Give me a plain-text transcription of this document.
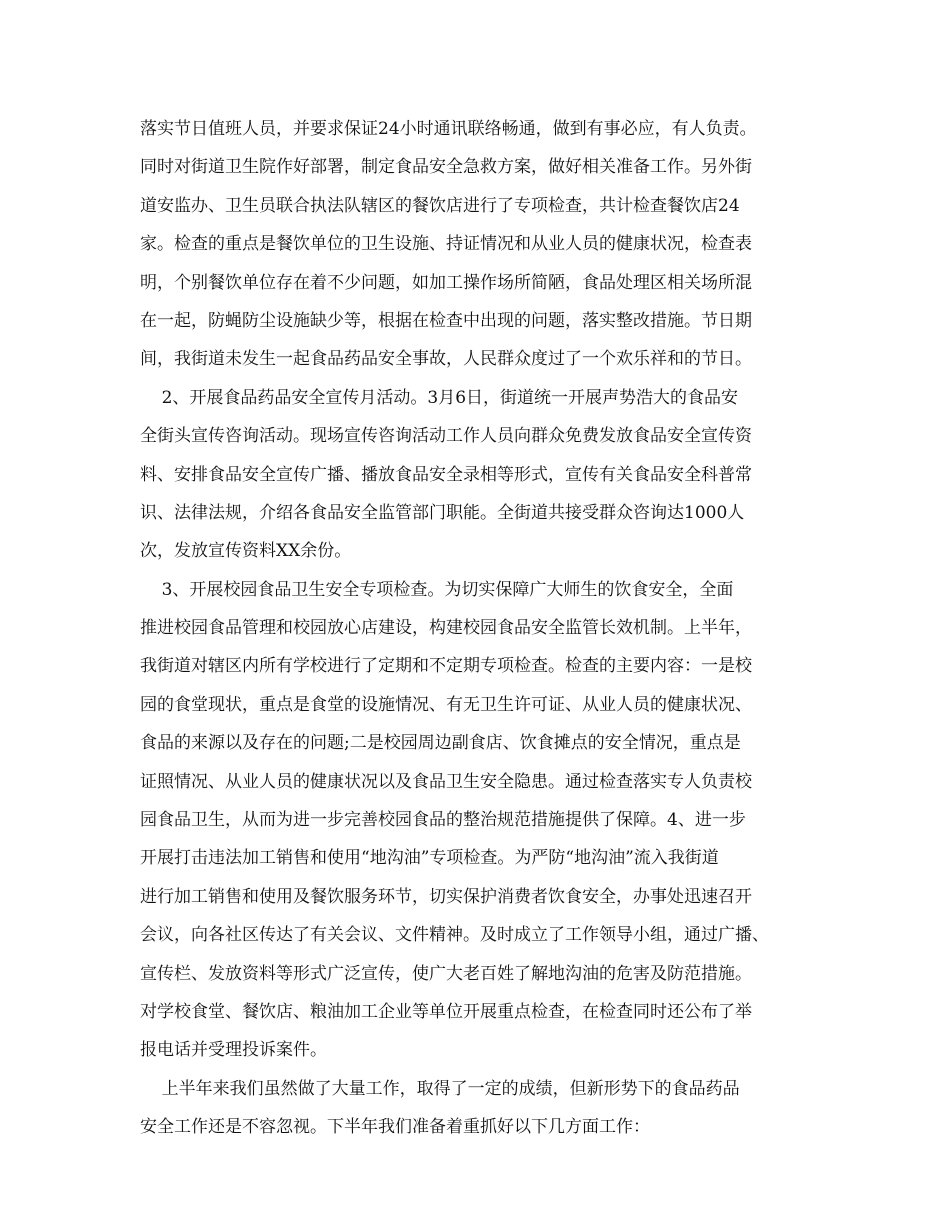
落实节日值班人员，并要求保证24小时通讯联络畅通，做到有事必应，有人负责。
同时对街道卫生院作好部署，制定食品安全急救方案，做好相关准备工作。另外街
道安监办、卫生员联合执法队辖区的餐饮店进行了专项检查，共计检查餐饮店24
家。检查的重点是餐饮单位的卫生设施、持证情况和从业人员的健康状况，检查表
明，个别餐饮单位存在着不少问题，如加工操作场所简陋，食品处理区相关场所混
在一起，防蝇防尘设施缺少等，根据在检查中出现的问题，落实整改措施。节日期
间，我街道未发生一起食品药品安全事故，人民群众度过了一个欢乐祥和的节日。
2、开展食品药品安全宣传月活动。3月6日，街道统一开展声势浩大的食品安
全街头宣传咨询活动。现场宣传咨询活动工作人员向群众免费发放食品安全宣传资
料、安排食品安全宣传广播、播放食品安全录相等形式，宣传有关食品安全科普常
识、法律法规，介绍各食品安全监管部门职能。全街道共接受群众咨询达1000人
次，发放宣传资料XX余份。
3、开展校园食品卫生安全专项检查。为切实保障广大师生的饮食安全，全面
推进校园食品管理和校园放心店建设，构建校园食品安全监管长效机制。上半年，
我街道对辖区内所有学校进行了定期和不定期专项检查。检查的主要内容：一是校
园的食堂现状，重点是食堂的设施情况、有无卫生许可证、从业人员的健康状况、
食品的来源以及存在的问题;二是校园周边副食店、饮食摊点的安全情况，重点是
证照情况、从业人员的健康状况以及食品卫生安全隐患。通过检查落实专人负责校
园食品卫生，从而为进一步完善校园食品的整治规范措施提供了保障。4、进一步
开展打击违法加工销售和使用“地沟油”专项检查。为严防“地沟油”流入我街道
进行加工销售和使用及餐饮服务环节，切实保护消费者饮食安全，办事处迅速召开
会议，向各社区传达了有关会议、文件精神。及时成立了工作领导小组，通过广播、
宣传栏、发放资料等形式广泛宣传，使广大老百姓了解地沟油的危害及防范措施。
对学校食堂、餐饮店、粮油加工企业等单位开展重点检查，在检查同时还公布了举
报电话并受理投诉案件。
上半年来我们虽然做了大量工作，取得了一定的成绩，但新形势下的食品药品
安全工作还是不容忽视。下半年我们准备着重抓好以下几方面工作：
